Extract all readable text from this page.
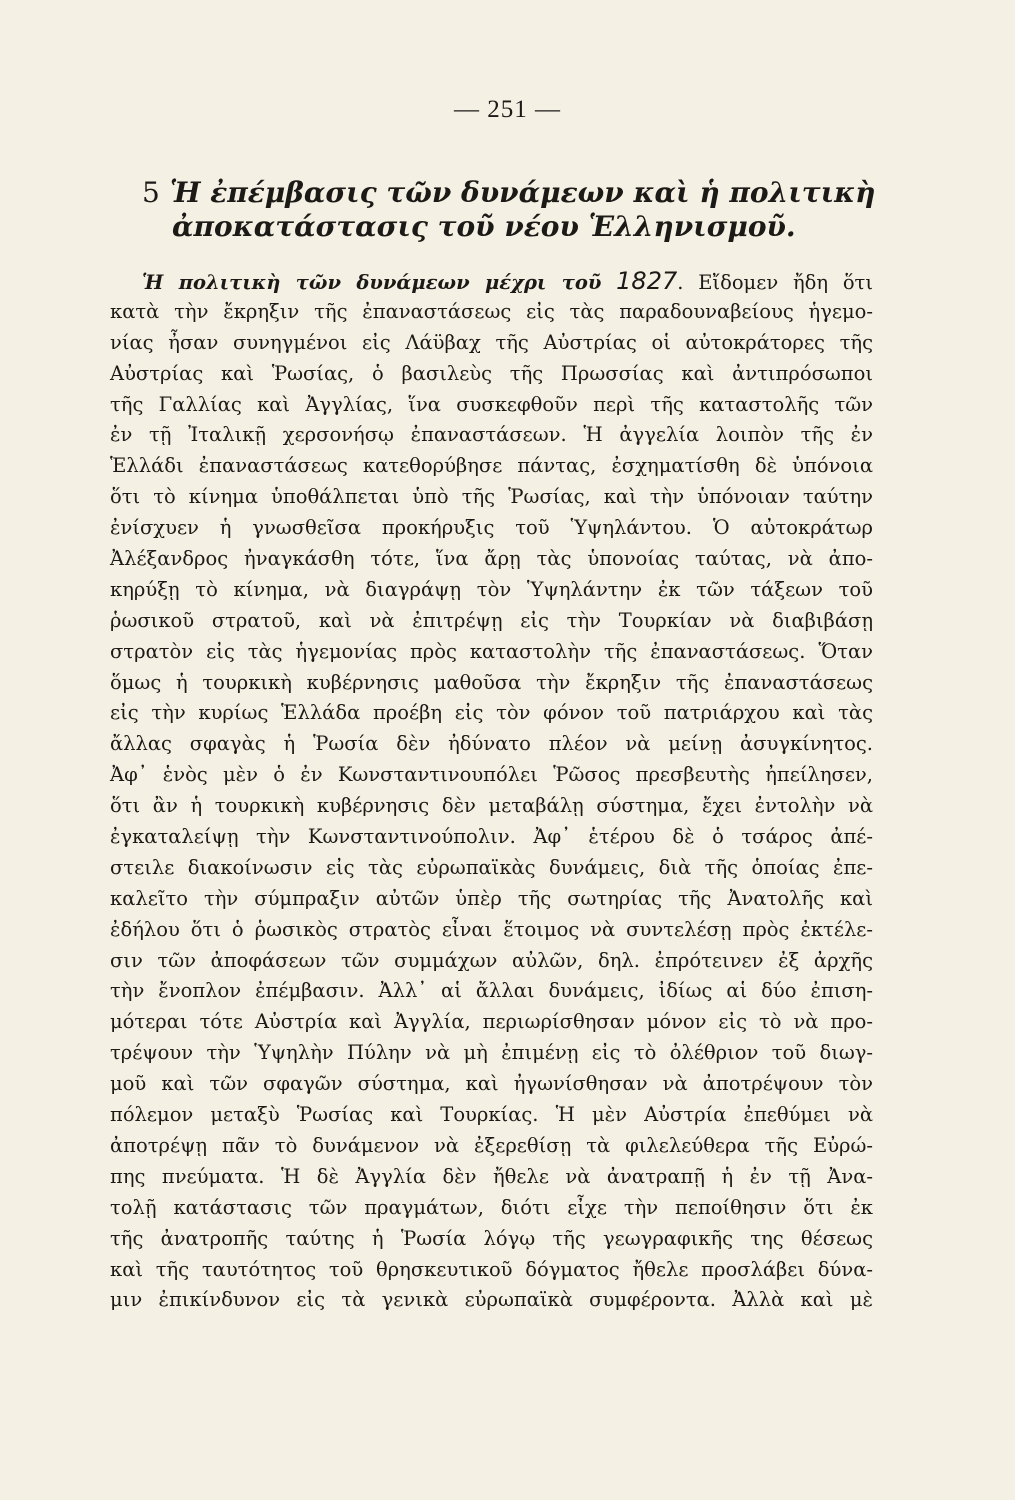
— 251 —
5 Ἡ ἐπέμβασις τῶν δυνάμεων καὶ ἡ πολιτικὴ
ἀποκατάστασις τοῦ νέου Ἑλληνισμοῦ.
Ἡ πολιτικὴ τῶν δυνάμεων μέχρι τοῦ 1827. Εἴδομεν ἤδη ὅτι
κατὰ τὴν ἔκρηξιν τῆς ἐπαναστάσεως εἰς τὰς παραδουναβείους ἡγεμο-
νίας ἦσαν συνηγμένοι εἰς Λάϋβαχ τῆς Αὐστρίας οἱ αὐτοκράτορες τῆς
Αὐστρίας καὶ Ῥωσίας, ὁ βασιλεὺς τῆς Πρωσσίας καὶ ἀντιπρόσωποι
τῆς Γαλλίας καὶ Ἀγγλίας, ἵνα συσκεφθοῦν περὶ τῆς καταστολῆς τῶν
ἐν τῇ Ἰταλικῇ χερσονήσῳ ἐπαναστάσεων. Ἡ ἀγγελία λοιπὸν τῆς ἐν
Ἑλλάδι ἐπαναστάσεως κατεθορύβησε πάντας, ἐσχηματίσθη δὲ ὑπόνοια
ὅτι τὸ κίνημα ὑποθάλπεται ὑπὸ τῆς Ῥωσίας, καὶ τὴν ὑπόνοιαν ταύτην
ἐνίσχυεν ἡ γνωσθεῖσα προκήρυξις τοῦ Ὑψηλάντου. Ὁ αὐτοκράτωρ
Ἀλέξανδρος ἠναγκάσθη τότε, ἵνα ἄρῃ τὰς ὑπονοίας ταύτας, νὰ ἀπο-
κηρύξῃ τὸ κίνημα, νὰ διαγράψῃ τὸν Ὑψηλάντην ἐκ τῶν τάξεων τοῦ
ῥωσικοῦ στρατοῦ, καὶ νὰ ἐπιτρέψῃ εἰς τὴν Τουρκίαν νὰ διαβιβάσῃ
στρατὸν εἰς τὰς ἡγεμονίας πρὸς καταστολὴν τῆς ἐπαναστάσεως. Ὅταν
ὅμως ἡ τουρκικὴ κυβέρνησις μαθοῦσα τὴν ἔκρηξιν τῆς ἐπαναστάσεως
εἰς τὴν κυρίως Ἑλλάδα προέβη εἰς τὸν φόνον τοῦ πατριάρχου καὶ τὰς
ἄλλας σφαγὰς ἡ Ῥωσία δὲν ἠδύνατο πλέον νὰ μείνῃ ἀσυγκίνητος.
Ἀφ᾽ ἑνὸς μὲν ὁ ἐν Κωνσταντινουπόλει Ῥῶσος πρεσβευτὴς ἠπείλησεν,
ὅτι ἂν ἡ τουρκικὴ κυβέρνησις δὲν μεταβάλῃ σύστημα, ἔχει ἐντολὴν νὰ
ἐγκαταλείψῃ τὴν Κωνσταντινούπολιν. Ἀφ᾽ ἑτέρου δὲ ὁ τσάρος ἀπέ-
στειλε διακοίνωσιν εἰς τὰς εὐρωπαϊκὰς δυνάμεις, διὰ τῆς ὁποίας ἐπε-
καλεῖτο τὴν σύμπραξιν αὐτῶν ὑπὲρ τῆς σωτηρίας τῆς Ἀνατολῆς καὶ
ἐδήλου ὅτι ὁ ῥωσικὸς στρατὸς εἶναι ἕτοιμος νὰ συντελέσῃ πρὸς ἐκτέλε-
σιν τῶν ἀποφάσεων τῶν συμμάχων αὐλῶν, δηλ. ἐπρότεινεν ἐξ ἀρχῆς
τὴν ἔνοπλον ἐπέμβασιν. Ἀλλ᾽ αἱ ἄλλαι δυνάμεις, ἰδίως αἱ δύο ἐπιση-
μότεραι τότε Αὐστρία καὶ Ἀγγλία, περιωρίσθησαν μόνον εἰς τὸ νὰ προ-
τρέψουν τὴν Ὑψηλὴν Πύλην νὰ μὴ ἐπιμένῃ εἰς τὸ ὀλέθριον τοῦ διωγ-
μοῦ καὶ τῶν σφαγῶν σύστημα, καὶ ἠγωνίσθησαν νὰ ἀποτρέψουν τὸν
πόλεμον μεταξὺ Ῥωσίας καὶ Τουρκίας. Ἡ μὲν Αὐστρία ἐπεθύμει νὰ
ἀποτρέψῃ πᾶν τὸ δυνάμενον νὰ ἐξερεθίσῃ τὰ φιλελεύθερα τῆς Εὐρώ-
πης πνεύματα. Ἡ δὲ Ἀγγλία δὲν ἤθελε νὰ ἀνατραπῇ ἡ ἐν τῇ Ἀνα-
τολῇ κατάστασις τῶν πραγμάτων, διότι εἶχε τὴν πεποίθησιν ὅτι ἐκ
τῆς ἀνατροπῆς ταύτης ἡ Ῥωσία λόγῳ τῆς γεωγραφικῆς της θέσεως
καὶ τῆς ταυτότητος τοῦ θρησκευτικοῦ δόγματος ἤθελε προσλάβει δύνα-
μιν ἐπικίνδυνον εἰς τὰ γενικὰ εὐρωπαϊκὰ συμφέροντα. Ἀλλὰ καὶ μὲ
